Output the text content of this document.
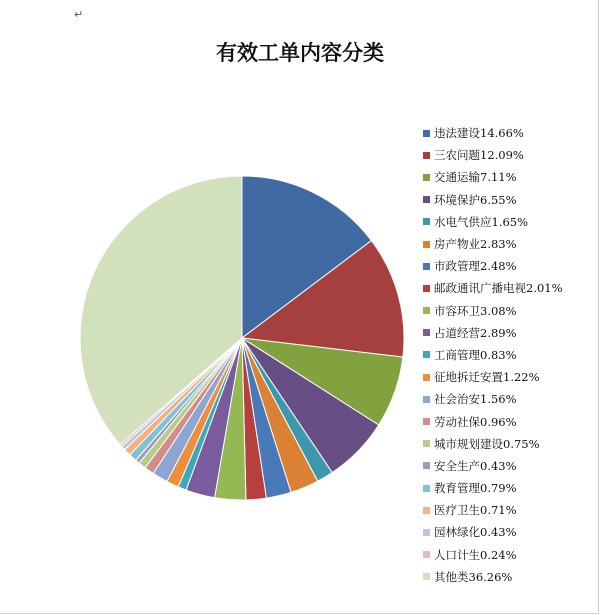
↵
有效工单内容分类
违法建设14.66%
三农问题12.09%
交通运输7.11%
环境保护6.55%
水电气供应1.65%
房产物业2.83%
市政管理2.48%
邮政通讯广播电视2.01%
市容环卫3.08%
占道经营2.89%
工商管理0.83%
征地拆迁安置1.22%
社会治安1.56%
劳动社保0.96%
城市规划建设0.75%
安全生产0.43%
教育管理0.79%
医疗卫生0.71%
园林绿化0.43%
人口计生0.24%
其他类36.26%
